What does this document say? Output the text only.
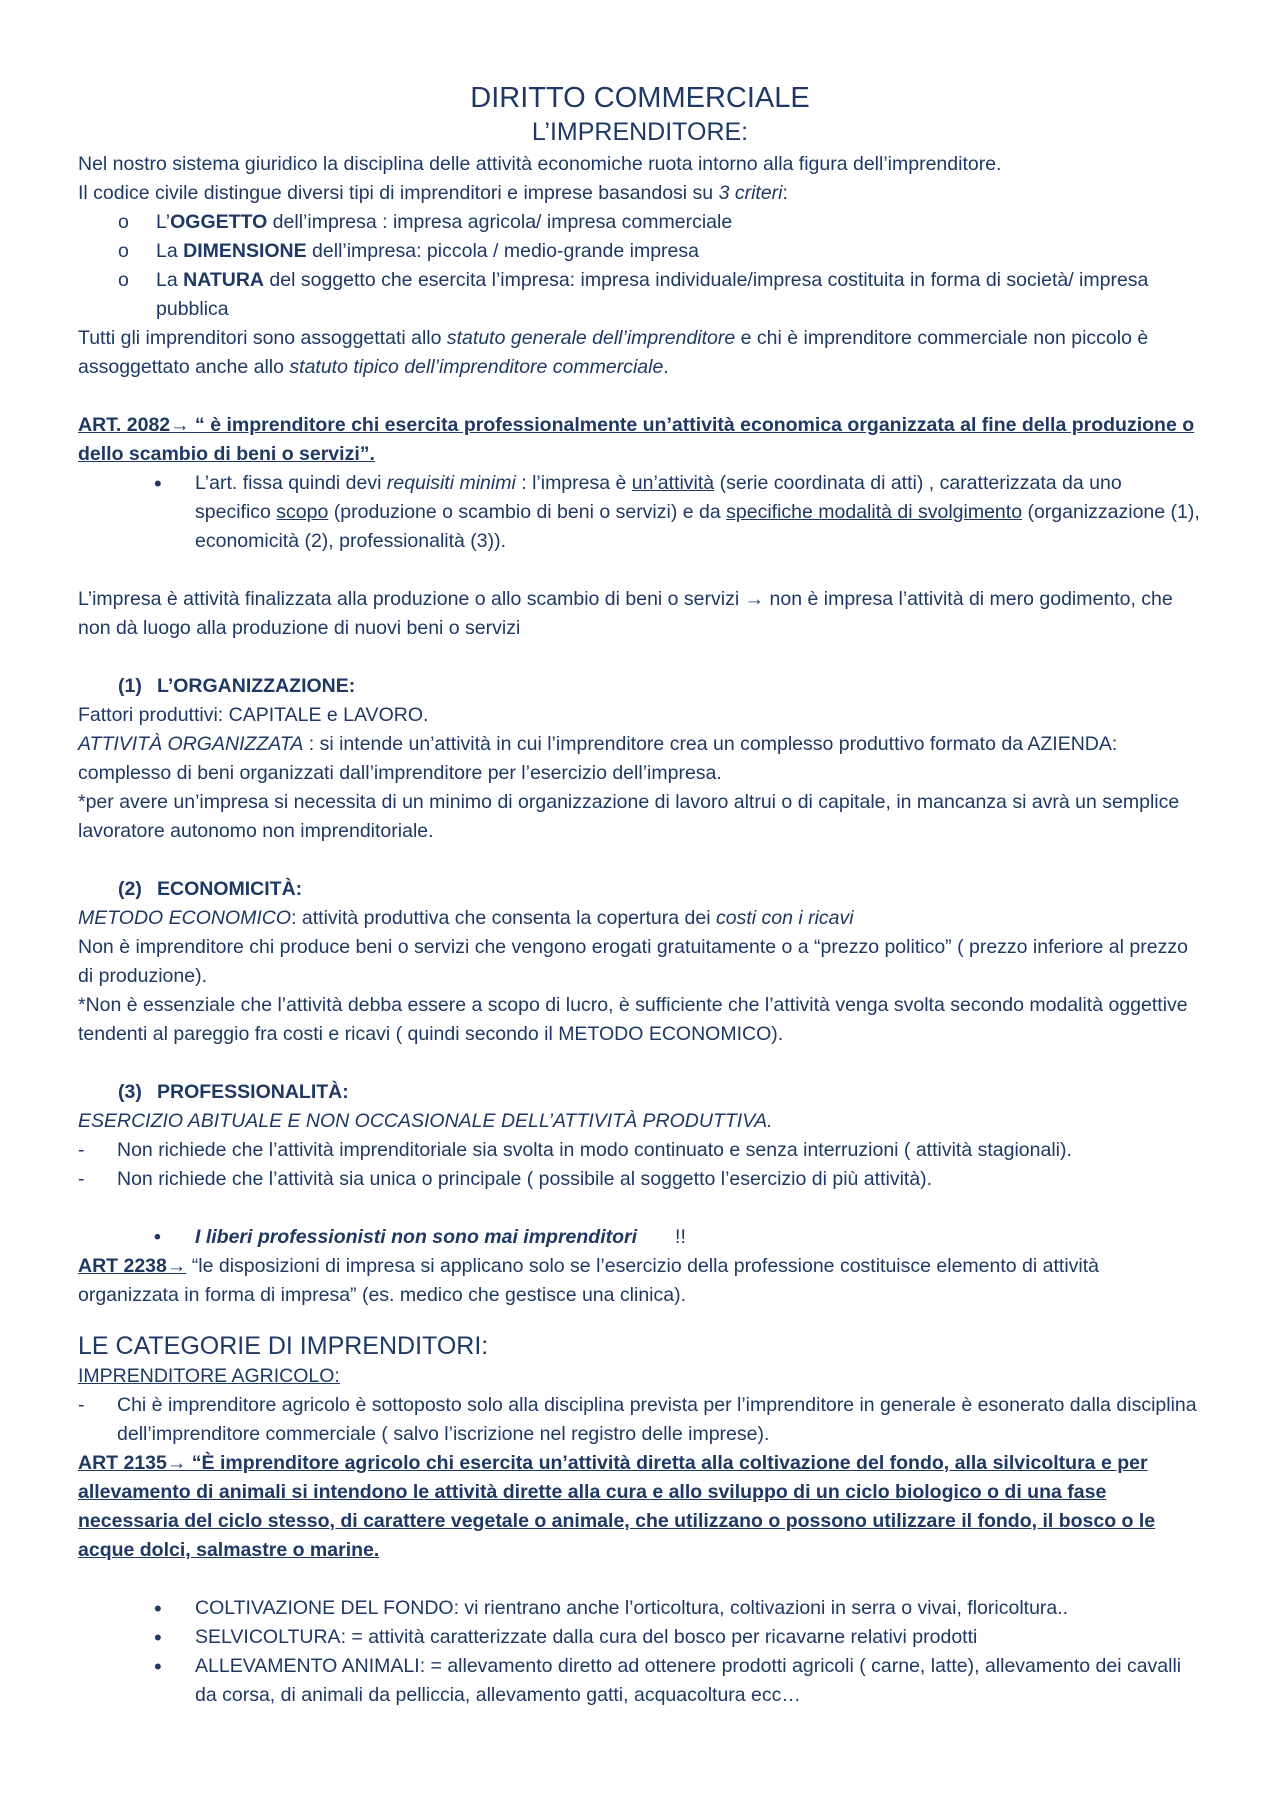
DIRITTO COMMERCIALE
L’IMPRENDITORE:

Nel nostro sistema giuridico la disciplina delle attività economiche ruota intorno alla figura dell’imprenditore.

Il codice civile distingue diversi tipi di imprenditori e imprese basandosi su 3 criteri:

o L’OGGETTO dell’impresa : impresa agricola/ impresa commerciale
o La DIMENSIONE dell’impresa: piccola / medio-grande impresa
o La NATURA del soggetto che esercita l’impresa: impresa individuale/impresa costituita in forma di società/ impresa pubblica

Tutti gli imprenditori sono assoggettati allo statuto generale dell’imprenditore e chi è imprenditore commerciale non piccolo è assoggettato anche allo statuto tipico dell’imprenditore commerciale.

ART. 2082→ “ è imprenditore chi esercita professionalmente un’attività economica organizzata al fine della produzione o dello scambio di beni o servizi”.

• L’art. fissa quindi devi requisiti minimi : l’impresa è un’attività (serie coordinata di atti) , caratterizzata da uno specifico scopo (produzione o scambio di beni o servizi) e da specifiche modalità di svolgimento (organizzazione (1), economicità (2), professionalità (3)).

L’impresa è attività finalizzata alla produzione o allo scambio di beni o servizi → non è impresa l’attività di mero godimento, che non dà luogo alla produzione di nuovi beni o servizi

(1) L’ORGANIZZAZIONE:

Fattori produttivi: CAPITALE e LAVORO.

ATTIVITÀ ORGANIZZATA : si intende un’attività in cui l’imprenditore crea un complesso produttivo formato da AZIENDA: complesso di beni organizzati dall’imprenditore per l’esercizio dell’impresa.

*per avere un’impresa si necessita di un minimo di organizzazione di lavoro altrui o di capitale, in mancanza si avrà un semplice lavoratore autonomo non imprenditoriale.

(2) ECONOMICITÀ:

METODO ECONOMICO: attività produttiva che consenta la copertura dei costi con i ricavi

Non è imprenditore chi produce beni o servizi che vengono erogati gratuitamente o a “prezzo politico” ( prezzo inferiore al prezzo di produzione).

*Non è essenziale che l’attività debba essere a scopo di lucro, è sufficiente che l’attività venga svolta secondo modalità oggettive tendenti al pareggio fra costi e ricavi ( quindi secondo il METODO ECONOMICO).

(3) PROFESSIONALITÀ:

ESERCIZIO ABITUALE E NON OCCASIONALE DELL’ATTIVITÀ PRODUTTIVA.

- Non richiede che l’attività imprenditoriale sia svolta in modo continuato e senza interruzioni ( attività stagionali).
- Non richiede che l’attività sia unica o principale ( possibile al soggetto l’esercizio di più attività).

• I liberi professionisti non sono mai imprenditori !!

ART 2238→ “le disposizioni di impresa si applicano solo se l’esercizio della professione costituisce elemento di attività organizzata in forma di impresa” (es. medico che gestisce una clinica).

LE CATEGORIE DI IMPRENDITORI:

IMPRENDITORE AGRICOLO:

- Chi è imprenditore agricolo è sottoposto solo alla disciplina prevista per l’imprenditore in generale è esonerato dalla disciplina dell’imprenditore commerciale ( salvo l’iscrizione nel registro delle imprese).

ART 2135→ “È imprenditore agricolo chi esercita un’attività diretta alla coltivazione del fondo, alla silvicoltura e per allevamento di animali si intendono le attività dirette alla cura e allo sviluppo di un ciclo biologico o di una fase necessaria del ciclo stesso, di carattere vegetale o animale, che utilizzano o possono utilizzare il fondo, il bosco o le acque dolci, salmastre o marine.

• COLTIVAZIONE DEL FONDO: vi rientrano anche l’orticoltura, coltivazioni in serra o vivai, floricoltura..
• SELVICOLTURA: = attività caratterizzate dalla cura del bosco per ricavarne relativi prodotti
• ALLEVAMENTO ANIMALI: = allevamento diretto ad ottenere prodotti agricoli ( carne, latte), allevamento dei cavalli da corsa, di animali da pelliccia, allevamento gatti, acquacoltura ecc…
